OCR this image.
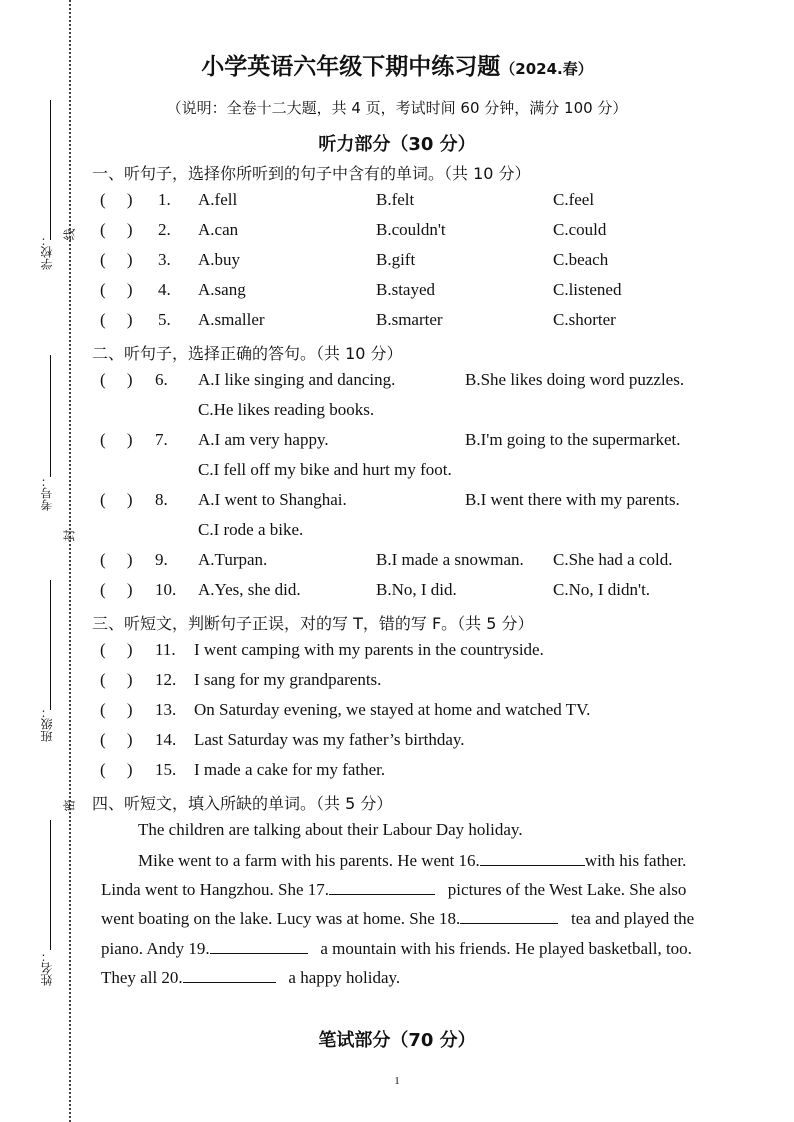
线
封
密
学校：
考号：
班级：
姓名：
小学英语六年级下期中练习题（2024.春）
（说明：全卷十二大题，共 4 页，考试时间 60 分钟，满分 100 分）
听力部分（30 分）
一、听句子，选择你所听到的句子中含有的单词。（共 10 分）
(     ) 1. A.fell	B.felt	C.feel
(     ) 2. A.can	B.couldn't	C.could
(     ) 3. A.buy	B.gift	C.beach
(     ) 4. A.sang	B.stayed	C.listened
(     ) 5. A.smaller	B.smarter	C.shorter
二、听句子，选择正确的答句。（共 10 分）
(     ) 6. A.I like singing and dancing.	B.She likes doing word puzzles.
C.He likes reading books.
(     ) 7. A.I am very happy.	B.I'm going to the supermarket.
C.I fell off my bike and hurt my foot.
(     ) 8. A.I went to Shanghai.	B.I went there with my parents.
C.I rode a bike.
(     ) 9. A.Turpan.	B.I made a snowman. C.She had a cold.
(     ) 10. A.Yes, she did.	B.No, I did.	C.No, I didn't.
三、听短文，判断句子正误，对的写 T，错的写 F。（共 5 分）
(     ) 11. I went camping with my parents in the countryside.
(     ) 12. I sang for my grandparents.
(     ) 13. On Saturday evening, we stayed at home and watched TV.
(     ) 14. Last Saturday was my father’s birthday.
(     ) 15. I made a cake for my father.
四、听短文，填入所缺的单词。（共 5 分）
The children are talking about their Labour Day holiday.
Mike went to a farm with his parents. He went 16.	with his father.
Linda went to Hangzhou. She 17.	pictures of the West Lake. She also
went boating on the lake. Lucy was at home. She 18.	tea and played the
piano. Andy 19.	a mountain with his friends. He played basketball, too.
They all 20.	a happy holiday.
笔试部分（70 分）
1
